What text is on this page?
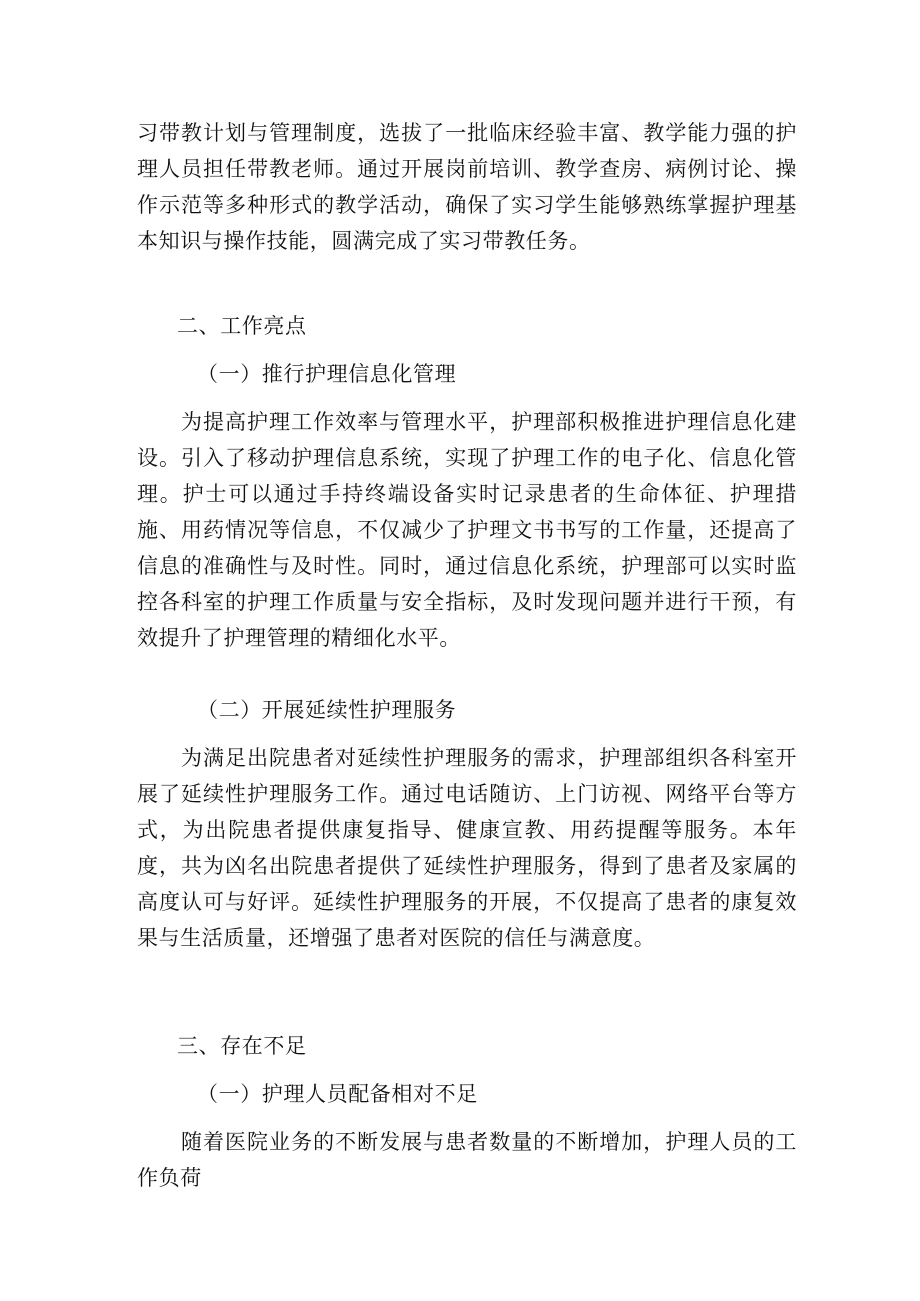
习带教计划与管理制度，选拔了一批临床经验丰富、教学能力强的护理人员担任带教老师。通过开展岗前培训、教学查房、病例讨论、操作示范等多种形式的教学活动，确保了实习学生能够熟练掌握护理基本知识与操作技能，圆满完成了实习带教任务。

二、工作亮点

（一）推行护理信息化管理

为提高护理工作效率与管理水平，护理部积极推进护理信息化建设。引入了移动护理信息系统，实现了护理工作的电子化、信息化管理。护士可以通过手持终端设备实时记录患者的生命体征、护理措施、用药情况等信息，不仅减少了护理文书书写的工作量，还提高了信息的准确性与及时性。同时，通过信息化系统，护理部可以实时监控各科室的护理工作质量与安全指标，及时发现问题并进行干预，有效提升了护理管理的精细化水平。

（二）开展延续性护理服务

为满足出院患者对延续性护理服务的需求，护理部组织各科室开展了延续性护理服务工作。通过电话随访、上门访视、网络平台等方式，为出院患者提供康复指导、健康宣教、用药提醒等服务。本年度，共为凶名出院患者提供了延续性护理服务，得到了患者及家属的高度认可与好评。延续性护理服务的开展，不仅提高了患者的康复效果与生活质量，还增强了患者对医院的信任与满意度。

三、存在不足

（一）护理人员配备相对不足

随着医院业务的不断发展与患者数量的不断增加，护理人员的工作负荷
